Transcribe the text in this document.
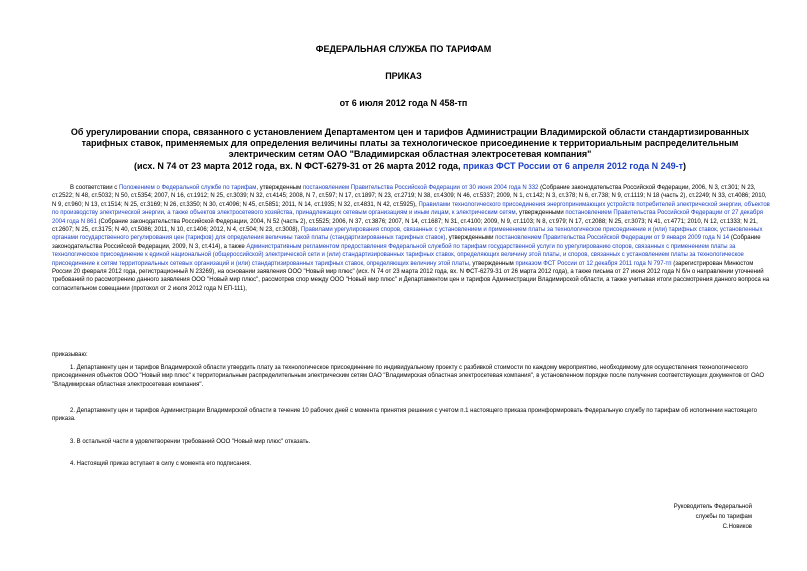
ФЕДЕРАЛЬНАЯ СЛУЖБА ПО ТАРИФАМ
ПРИКАЗ
от 6 июля 2012 года N 458-тп
Об урегулировании спора, связанного с установлением Департаментом цен и тарифов Администрации Владимирской области стандартизированных тарифных ставок, применяемых для определения величины платы за технологическое присоединение к территориальным распределительным электрическим сетям ОАО "Владимирская областная электросетевая компания"
(исх. N 74 от 23 марта 2012 года, вх. N ФСТ-6279-31 от 26 марта 2012 года, приказ ФСТ России от 6 апреля 2012 года N 249-т)

В соответствии с Положением о Федеральной службе по тарифам, утвержденным постановлением Правительства Российской Федерации от 30 июня 2004 года N 332 (Собрание законодательства Российской Федерации, 2006, N 3, ст.301; N 23, ст.2522; N 48, ст.5032; N 50, ст.5354; 2007, N 16, ст.1912; N 25, ст.3039; N 32, ст.4145; 2008, N 7, ст.597; N 17, ст.1897; N 23, ст.2719; N 38, ст.4309; N 46, ст.5337; 2009, N 1, ст.142; N 3, ст.378; N 6, ст.738; N 9, ст.1119; N 18 (часть 2), ст.2249; N 33, ст.4086; 2010, N 9, ст.960; N 13, ст.1514; N 25, ст.3169; N 26, ст.3350; N 30, ст.4096; N 45, ст.5851; 2011, N 14, ст.1935; N 32, ст.4831, N 42, ст.5925), Правилами технологического присоединения энергопринимающих устройств потребителей электрической энергии, объектов по производству электрической энергии, а также объектов электросетевого хозяйства, принадлежащих сетевым организациям и иным лицам, к электрическим сетям, утвержденными постановлением Правительства Российской Федерации от 27 декабря 2004 года N 861 (Собрание законодательства Российской Федерации, 2004, N 52 (часть 2), ст.5525; 2006, N 37, ст.3876; 2007, N 14, ст.1687; N 31, ст.4100; 2009, N 9, ст.1103; N 8, ст.979; N 17, ст.2088; N 25, ст.3073; N 41, ст.4771; 2010, N 12, ст.1333; N 21, ст.2607; N 25, ст.3175; N 40, ст.5086; 2011, N 10, ст.1406; 2012, N 4, ст.504; N 23, ст.3008), Правилами урегулирования споров, связанных с установлением и применением платы за технологическое присоединение и (или) тарифных ставок, установленных органами государственного регулирования цен (тарифов) для определения величины такой платы (стандартизированных тарифных ставок), утвержденными постановлением Правительства Российской Федерации от 9 января 2009 года N 14 (Собрание законодательства Российской Федерации, 2009, N 3, ст.414), а также Административным регламентом предоставления Федеральной службой по тарифам государственной услуги по урегулированию споров, связанных с применением платы за технологическое присоединение к единой национальной (общероссийской) электрической сети и (или) стандартизированных тарифных ставок, определяющих величину этой платы, и споров, связанных с установлением платы за технологическое присоединение к сетям территориальных сетевых организаций и (или) стандартизированных тарифных ставок, определяющих величину этой платы, утвержденным приказом ФСТ России от 12 декабря 2011 года N 797-тп (зарегистрирован Минюстом России 20 февраля 2012 года, регистрационный N 23269), на основании заявления ООО "Новый мир плюс" (исх. N 74 от 23 марта 2012 года, вх. N ФСТ-6279-31 от 26 марта 2012 года), а также письма от 27 июня 2012 года N б/н о направлении уточнений требований по рассмотрению данного заявления ООО "Новый мир плюс", рассмотрев спор между ООО "Новый мир плюс" и Департаментом цен и тарифов Администрации Владимирской области, а также учитывая итоги рассмотрения данного вопроса на согласительном совещании (протокол от 2 июля 2012 года N ЕП-111),

приказываю:
1. Департаменту цен и тарифов Владимирской области утвердить плату за технологическое присоединение по индивидуальному проекту с разбивкой стоимости по каждому мероприятию, необходимому для осуществления технологического присоединения объектов ООО "Новый мир плюс" к территориальным распределительным электрическим сетям ОАО "Владимирская областная электросетевая компания", в установленном порядке после получения соответствующих документов от ОАО "Владимирская областная электросетевая компания".
2. Департаменту цен и тарифов Администрации Владимирской области в течение 10 рабочих дней с момента принятия решения с учетом п.1 настоящего приказа проинформировать Федеральную службу по тарифам об исполнении настоящего приказа.
3. В остальной части в удовлетворении требований ООО "Новый мир плюс" отказать.
4. Настоящий приказ вступает в силу с момента его подписания.
Руководитель Федеральной
службы по тарифам
С.Новиков
